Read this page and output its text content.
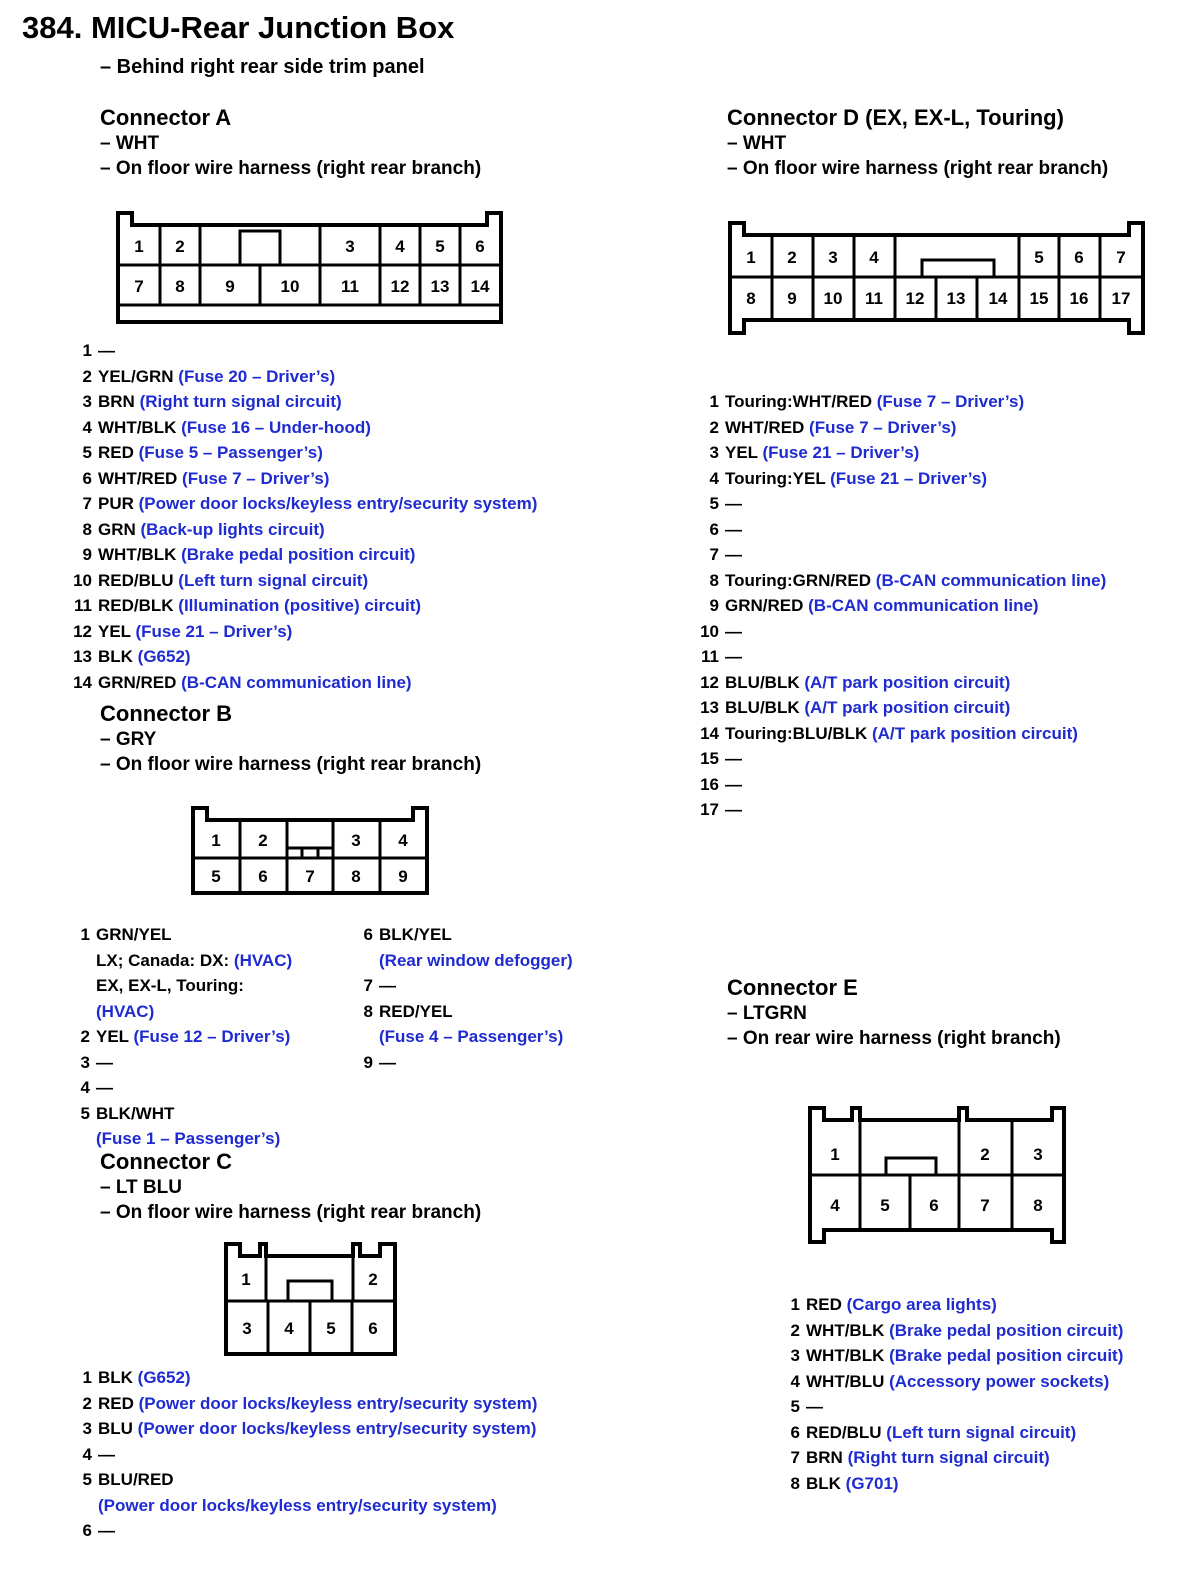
384. MICU-Rear Junction Box
– Behind right rear side trim panel
Connector A
– WHT
– On floor wire harness (right rear branch)
1 2	3 4 5 6
7 8 9	10 11 12 13 14
1 —
2 YEL/GRN (Fuse 20 – Driver’s)
3 BRN (Right turn signal circuit)
4 WHT/BLK (Fuse 16 – Under-hood)
5 RED (Fuse 5 – Passenger’s)
6 WHT/RED (Fuse 7 – Driver’s)
7 PUR (Power door locks/keyless entry/security system)
8 GRN (Back-up lights circuit)
9 WHT/BLK (Brake pedal position circuit)
10 RED/BLU (Left turn signal circuit)
11 RED/BLK (Illumination (positive) circuit)
12 YEL (Fuse 21 – Driver’s)
13 BLK (G652)
14 GRN/RED (B-CAN communication line)
Connector B
– GRY
– On floor wire harness (right rear branch)
1 2	3 4
5 6 7 8 9
1 GRN/YEL
LX; Canada: DX: (HVAC)
EX, EX-L, Touring:
(HVAC)
2 YEL (Fuse 12 – Driver’s)
3 —
4 —
5 BLK/WHT
(Fuse 1 – Passenger’s)
6 BLK/YEL
(Rear window defogger)
7 —
8 RED/YEL
(Fuse 4 – Passenger’s)
9 —
Connector C
– LT BLU
– On floor wire harness (right rear branch)
1	2
3 4 5 6
1 BLK (G652)
2 RED (Power door locks/keyless entry/security system)
3 BLU (Power door locks/keyless entry/security system)
4 —
5 BLU/RED
(Power door locks/keyless entry/security system)
6 —
Connector D (EX, EX-L, Touring)
– WHT
– On floor wire harness (right rear branch)
1 2 3 4	5 6 7
8 9 10 11 12 13 14 15 16 17
1 Touring:WHT/RED (Fuse 7 – Driver’s)
2 WHT/RED (Fuse 7 – Driver’s)
3 YEL (Fuse 21 – Driver’s)
4 Touring:YEL (Fuse 21 – Driver’s)
5 —
6 —
7 —
8 Touring:GRN/RED (B-CAN communication line)
9 GRN/RED (B-CAN communication line)
10 —
11 —
12 BLU/BLK (A/T park position circuit)
13 BLU/BLK (A/T park position circuit)
14 Touring:BLU/BLK (A/T park position circuit)
15 —
16 —
17 —
Connector E
– LTGRN
– On rear wire harness (right branch)
1	2	3
4 5 6 7	8
1 RED (Cargo area lights)
2 WHT/BLK (Brake pedal position circuit)
3 WHT/BLK (Brake pedal position circuit)
4 WHT/BLU (Accessory power sockets)
5 —
6 RED/BLU (Left turn signal circuit)
7 BRN (Right turn signal circuit)
8 BLK (G701)
